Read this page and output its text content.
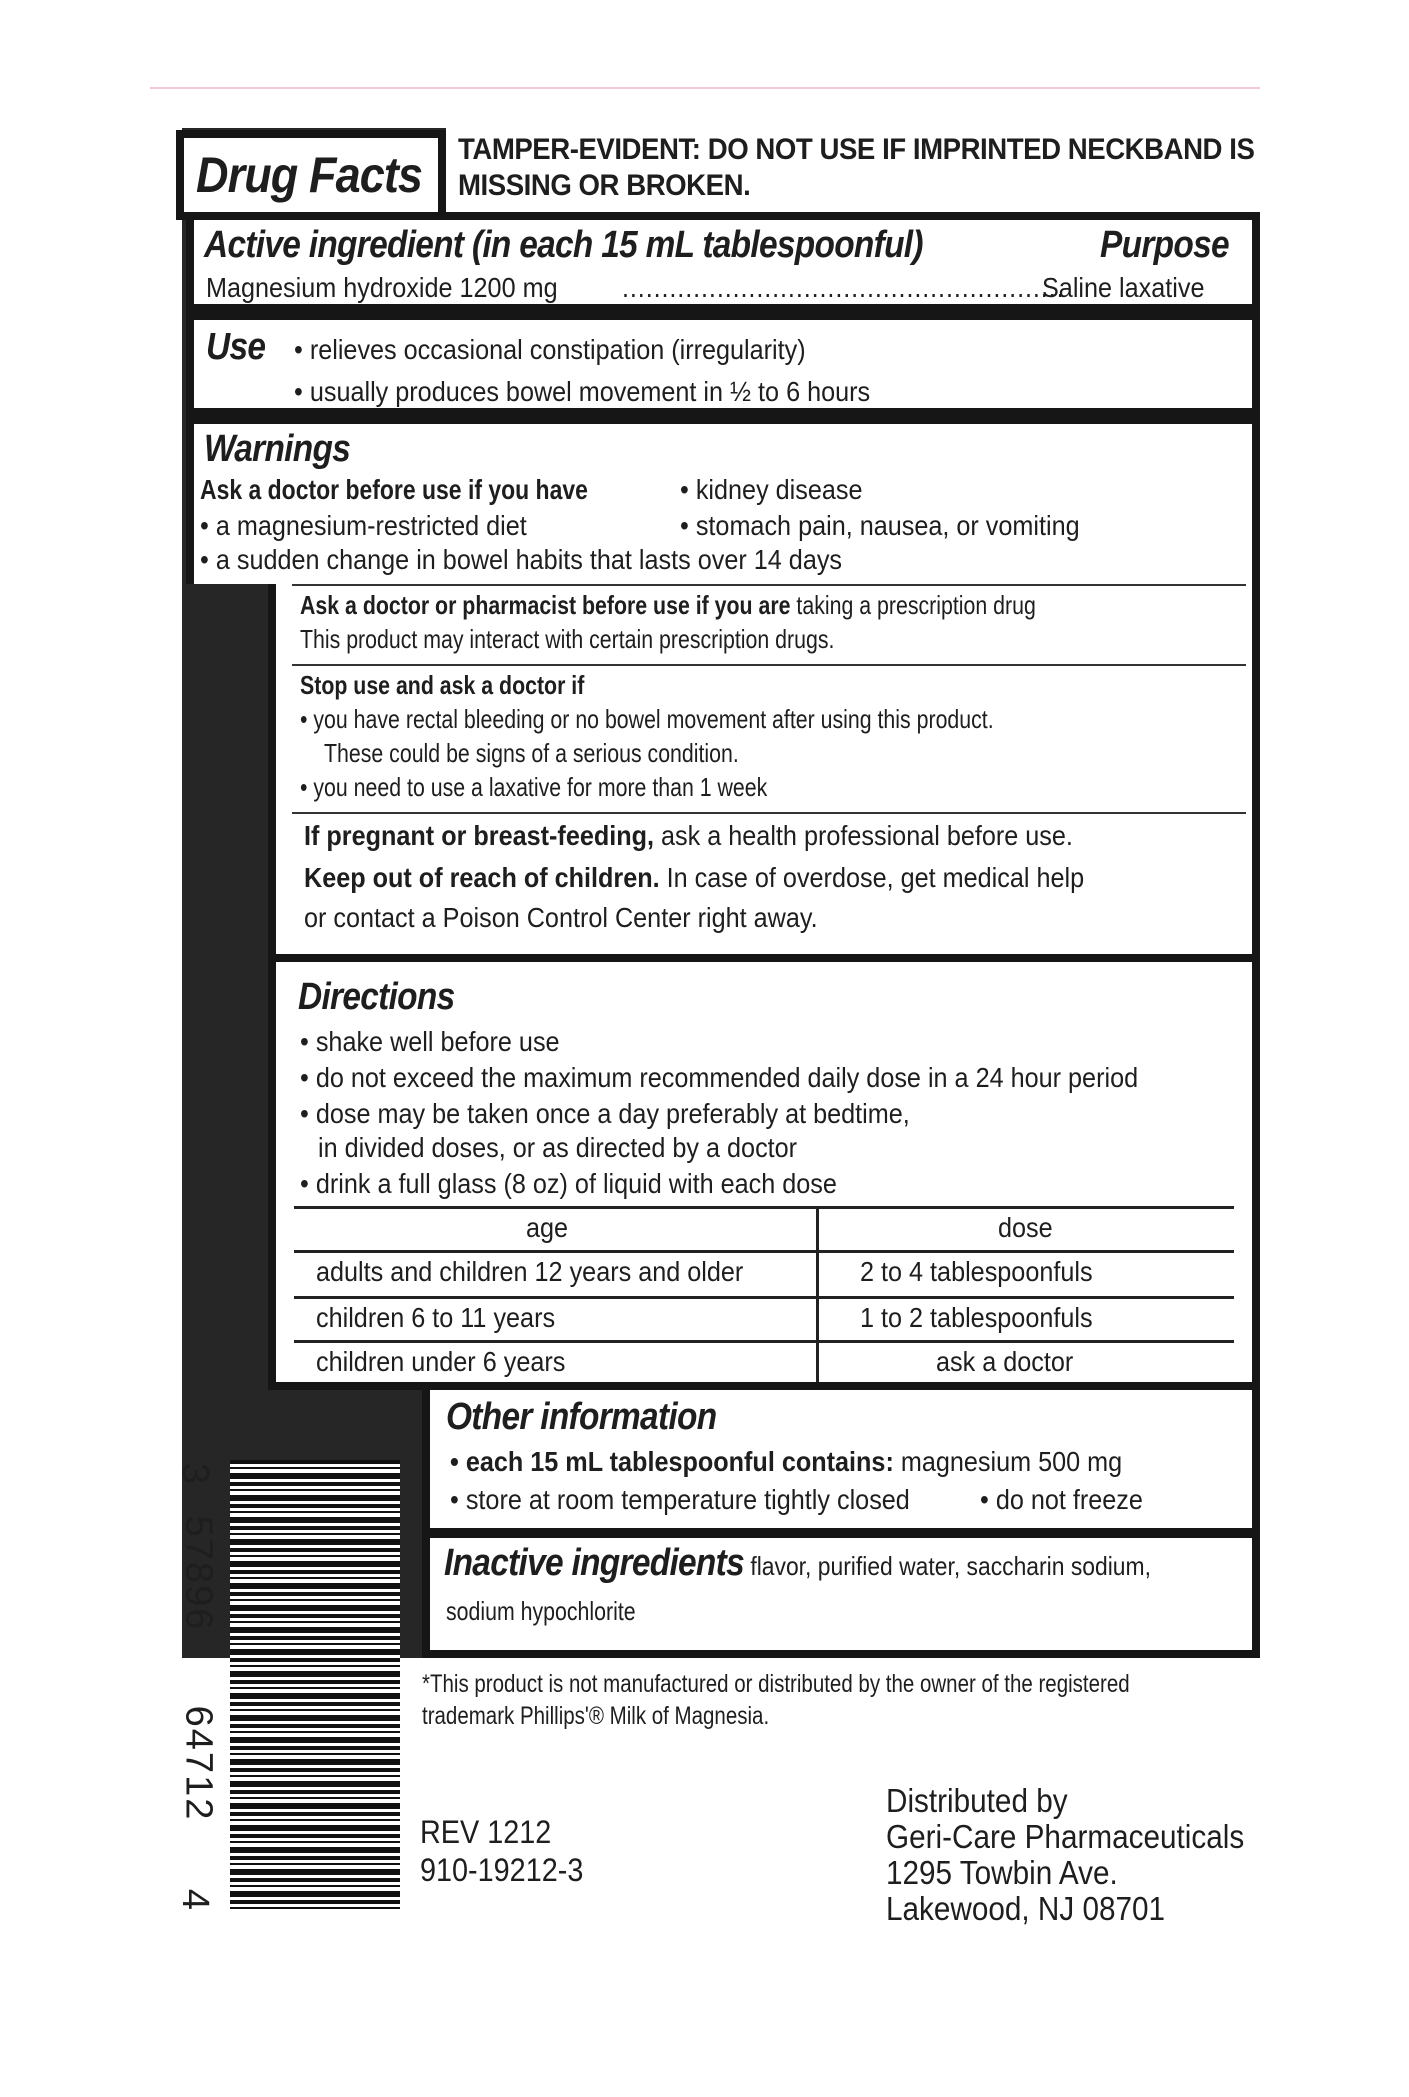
Drug Facts TAMPER-EVIDENT: DO NOT USE IF IMPRINTED NECKBAND IS
MISSING OR BROKEN.
Active ingredient (in each 15 mL tablespoonful)	Purpose
Magnesium hydroxide 1200 mg ........................................................
Saline laxative
Use • relieves occasional constipation (irregularity)
• usually produces bowel movement in ½ to 6 hours
Warnings
Ask a doctor before use if you have	• kidney disease
• a magnesium-restricted diet	• stomach pain, nausea, or vomiting
• a sudden change in bowel habits that lasts over 14 days
Ask a doctor or pharmacist before use if you are taking a prescription drug
This product may interact with certain prescription drugs.
Stop use and ask a doctor if
• you have rectal bleeding or no bowel movement after using this product.
These could be signs of a serious condition.
• you need to use a laxative for more than 1 week
If pregnant or breast-feeding, ask a health professional before use.
Keep out of reach of children. In case of overdose, get medical help
or contact a Poison Control Center right away.
Directions
• shake well before use
• do not exceed the maximum recommended daily dose in a 24 hour period
• dose may be taken once a day preferably at bedtime,
in divided doses, or as directed by a doctor
• drink a full glass (8 oz) of liquid with each dose
age	dose
adults and children 12 years and older	2 to 4 tablespoonfuls
children 6 to 11 years	1 to 2 tablespoonfuls
children under 6 years	ask a doctor
Other information
• each 15 mL tablespoonful contains: magnesium 500 mg
• store at room temperature tightly closed	• do not freeze
Inactive ingredients flavor, purified water, saccharin sodium,
sodium hypochlorite
*This product is not manufactured or distributed by the owner of the registered
trademark Phillips'® Milk of Magnesia.
REV 1212
910-19212-3
Distributed by
Geri-Care Pharmaceuticals
1295 Towbin Ave.
Lakewood, NJ 08701
3
57896
64712
4
